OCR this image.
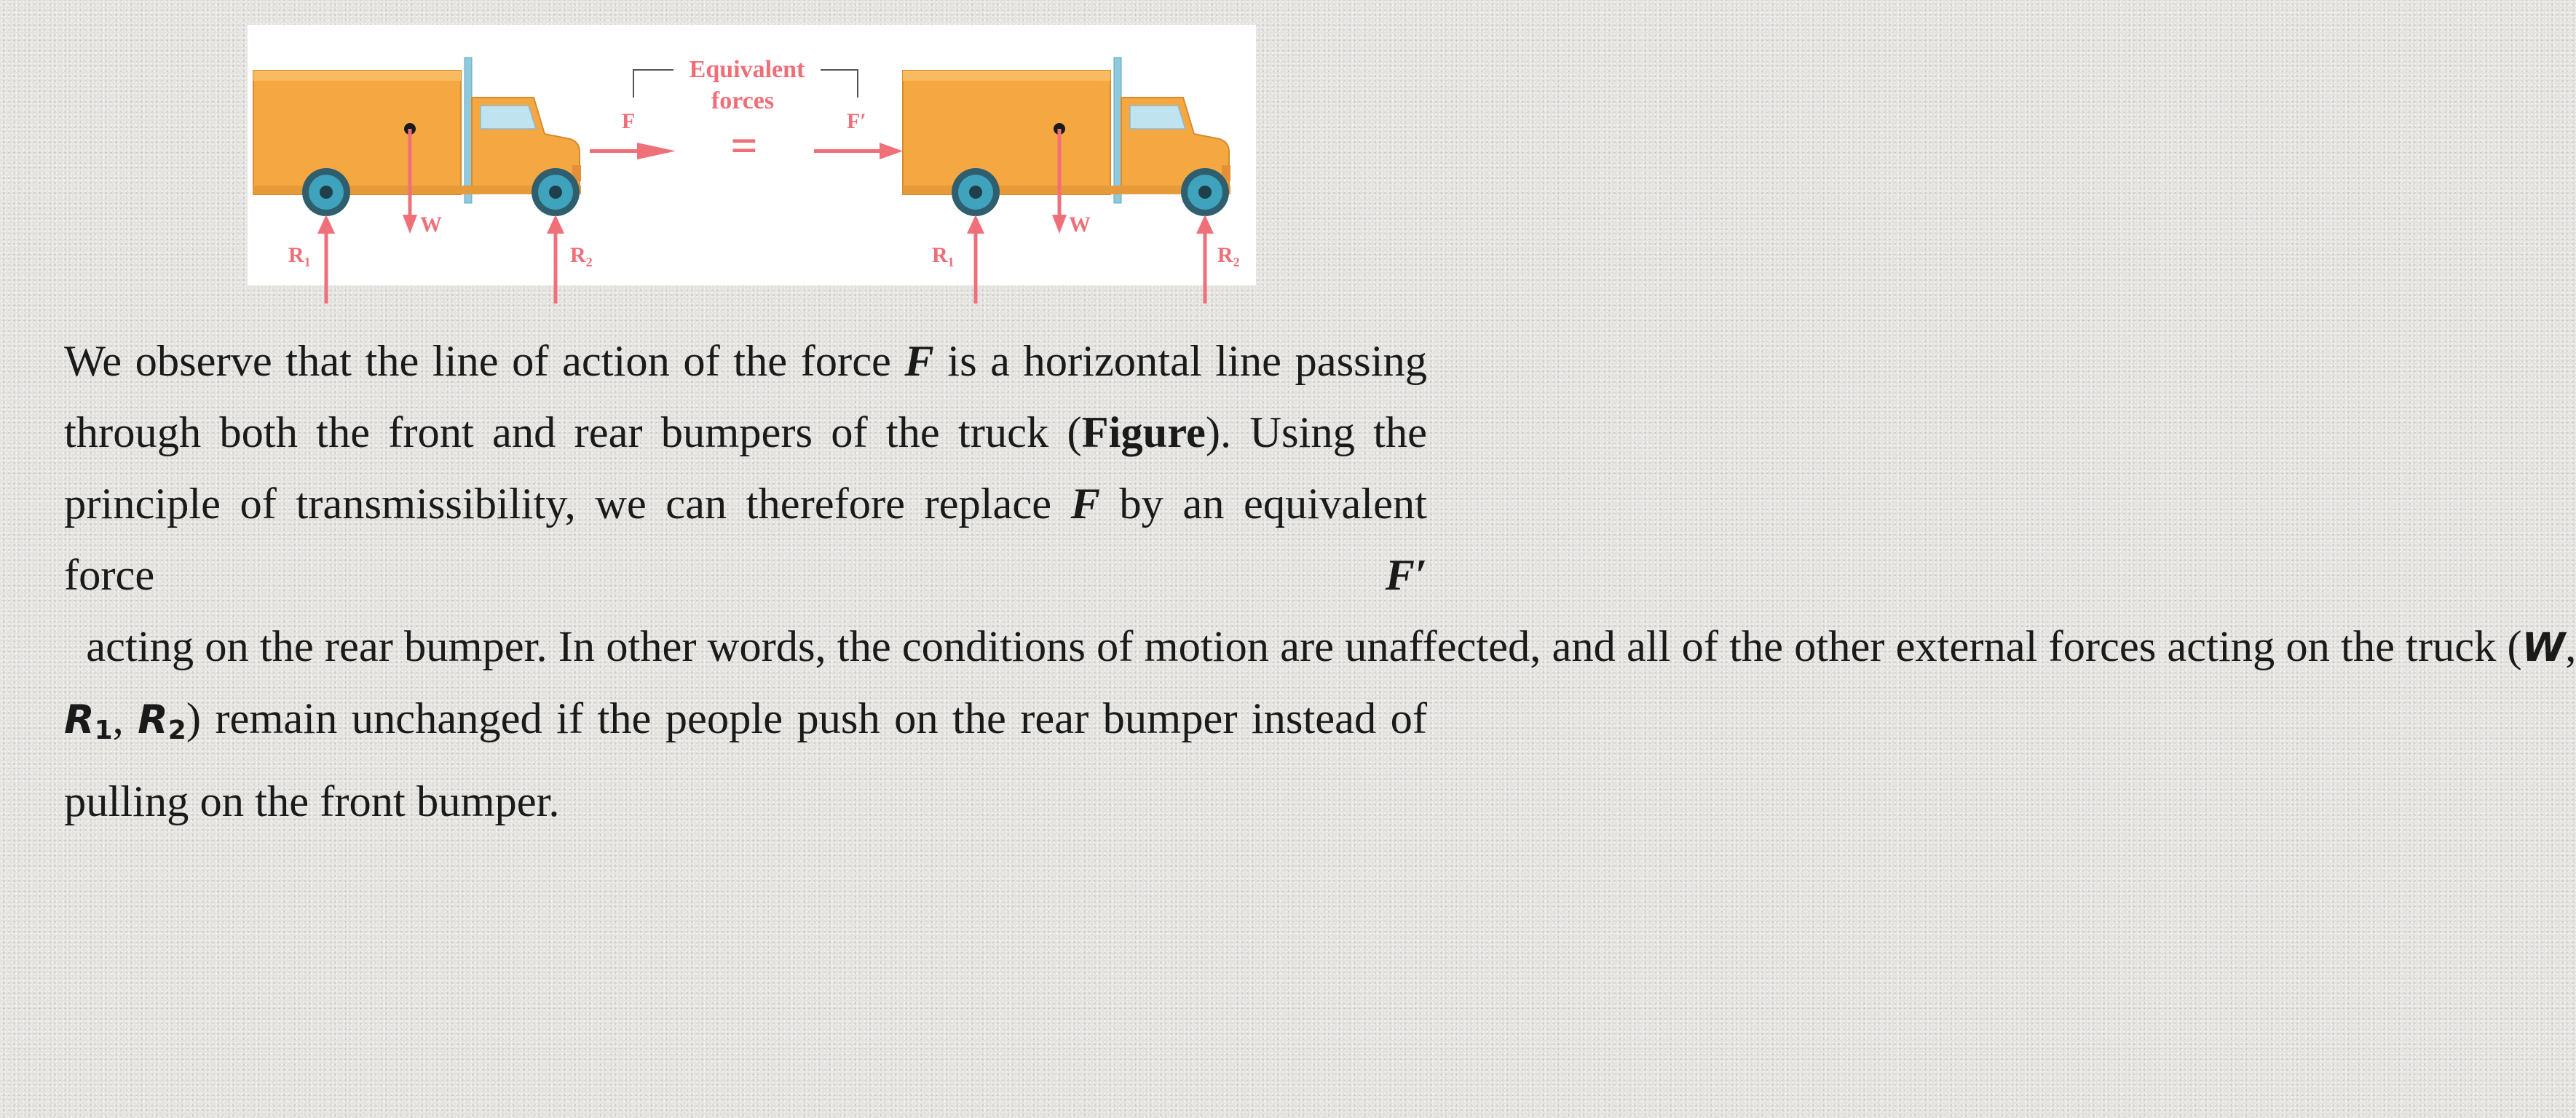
W
$R_1$	$R_2$
F
Equivalent
forces
=	F′
W
$R_1$	$R_2$

We observe that the line of action of the force F is a horizontal line passing through both the front and rear bumpers of the truck (Figure). Using the principle of transmissibility, we can therefore replace F by an equivalent force F′  acting on the rear bumper. In other words, the conditions of motion are unaffected, and all of the other external forces acting on the truck (W, $R_1$, $R_2$) remain unchanged if the people push on the rear bumper instead of pulling on the front bumper.
